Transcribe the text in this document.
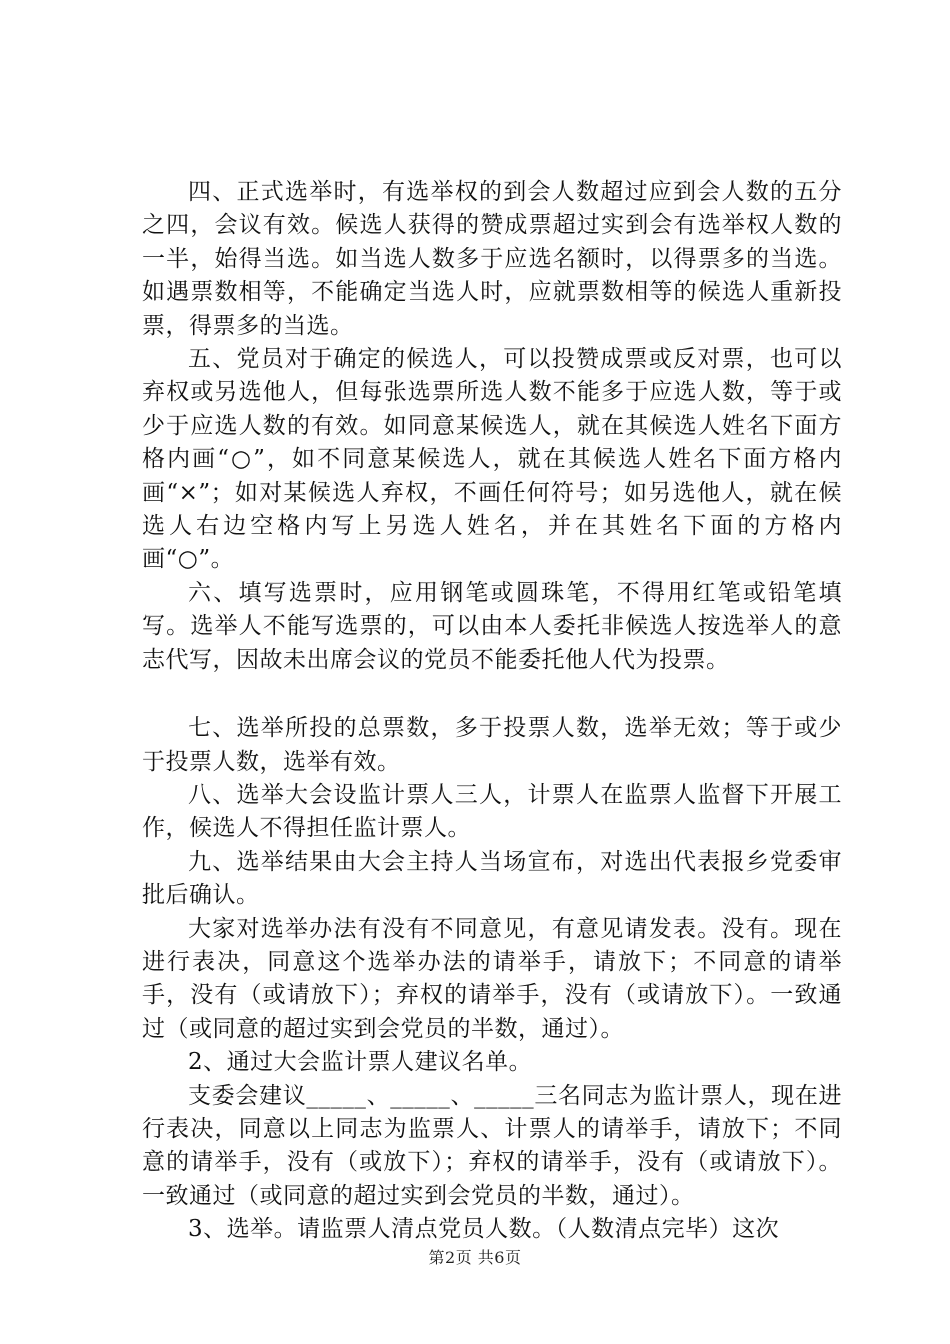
四、正式选举时，有选举权的到会人数超过应到会人数的五分之四，会议有效。候选人获得的赞成票超过实到会有选举权人数的一半，始得当选。如当选人数多于应选名额时，以得票多的当选。如遇票数相等，不能确定当选人时，应就票数相等的候选人重新投票，得票多的当选。

五、党员对于确定的候选人，可以投赞成票或反对票，也可以弃权或另选他人，但每张选票所选人数不能多于应选人数，等于或少于应选人数的有效。如同意某候选人，就在其候选人姓名下面方格内画“○”，如不同意某候选人，就在其候选人姓名下面方格内画“×”；如对某候选人弃权，不画任何符号；如另选他人，就在候选人右边空格内写上另选人姓名，并在其姓名下面的方格内画“○”。

六、填写选票时，应用钢笔或圆珠笔，不得用红笔或铅笔填写。选举人不能写选票的，可以由本人委托非候选人按选举人的意志代写，因故未出席会议的党员不能委托他人代为投票。

七、选举所投的总票数，多于投票人数，选举无效；等于或少于投票人数，选举有效。

八、选举大会设监计票人三人，计票人在监票人监督下开展工作，候选人不得担任监计票人。

九、选举结果由大会主持人当场宣布，对选出代表报乡党委审批后确认。

大家对选举办法有没有不同意见，有意见请发表。没有。现在进行表决，同意这个选举办法的请举手，请放下；不同意的请举手，没有（或请放下）；弃权的请举手，没有（或请放下）。一致通过（或同意的超过实到会党员的半数，通过）。

2、通过大会监计票人建议名单。

支委会建议_____、_____、_____三名同志为监计票人，现在进行表决，同意以上同志为监票人、计票人的请举手，请放下；不同意的请举手，没有（或放下）；弃权的请举手，没有（或请放下）。一致通过（或同意的超过实到会党员的半数，通过）。

3、选举。请监票人清点党员人数。（人数清点完毕）这次

第2页 共6页
